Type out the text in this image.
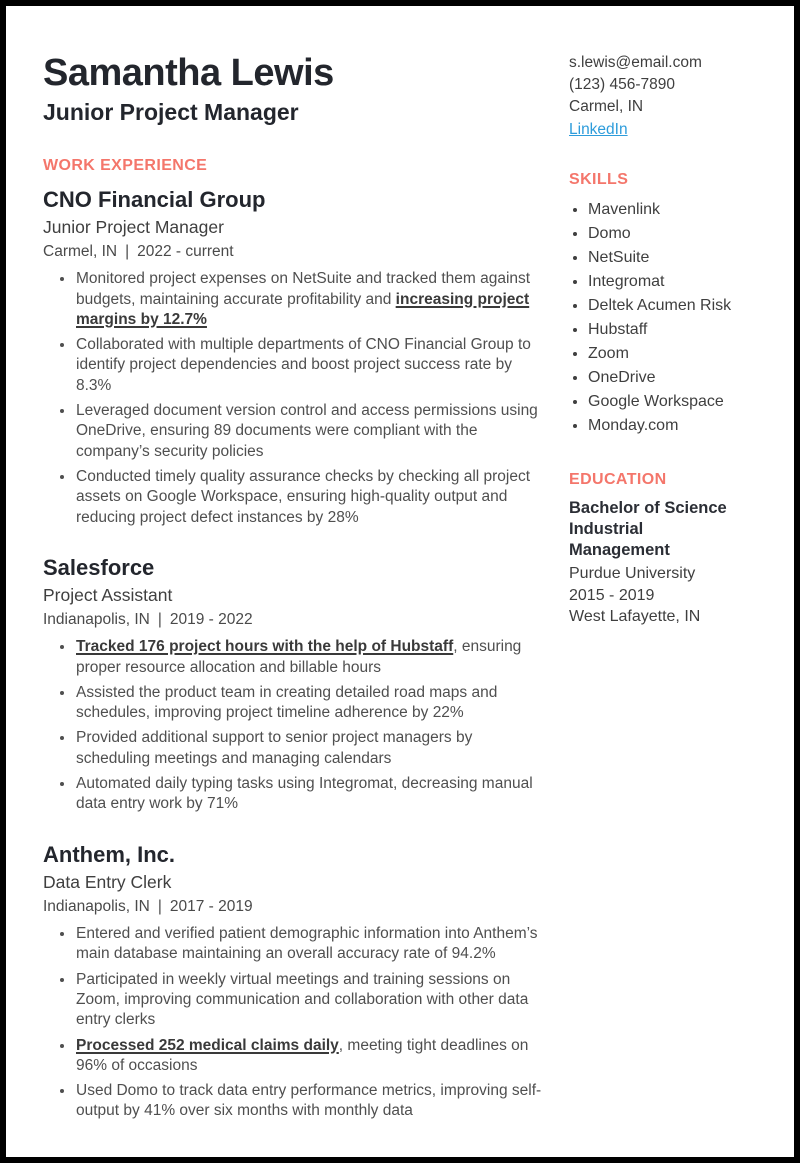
Samantha Lewis
Junior Project Manager
WORK EXPERIENCE
CNO Financial Group
Junior Project Manager
Carmel, IN | 2022 - current
• Monitored project expenses on NetSuite and tracked them against budgets, maintaining accurate profitability and increasing project margins by 12.7%
• Collaborated with multiple departments of CNO Financial Group to identify project dependencies and boost project success rate by 8.3%
• Leveraged document version control and access permissions using OneDrive, ensuring 89 documents were compliant with the company’s security policies
• Conducted timely quality assurance checks by checking all project assets on Google Workspace, ensuring high-quality output and reducing project defect instances by 28%
Salesforce
Project Assistant
Indianapolis, IN | 2019 - 2022
• Tracked 176 project hours with the help of Hubstaff, ensuring proper resource allocation and billable hours
• Assisted the product team in creating detailed road maps and schedules, improving project timeline adherence by 22%
• Provided additional support to senior project managers by scheduling meetings and managing calendars
• Automated daily typing tasks using Integromat, decreasing manual data entry work by 71%
Anthem, Inc.
Data Entry Clerk
Indianapolis, IN | 2017 - 2019
• Entered and verified patient demographic information into Anthem’s main database maintaining an overall accuracy rate of 94.2%
• Participated in weekly virtual meetings and training sessions on Zoom, improving communication and collaboration with other data entry clerks
• Processed 252 medical claims daily, meeting tight deadlines on 96% of occasions
• Used Domo to track data entry performance metrics, improving self-output by 41% over six months with monthly data
s.lewis@email.com
(123) 456-7890
Carmel, IN
LinkedIn
SKILLS
• Mavenlink
• Domo
• NetSuite
• Integromat
• Deltek Acumen Risk
• Hubstaff
• Zoom
• OneDrive
• Google Workspace
• Monday.com
EDUCATION
Bachelor of Science
Industrial
Management
Purdue University
2015 - 2019
West Lafayette, IN
